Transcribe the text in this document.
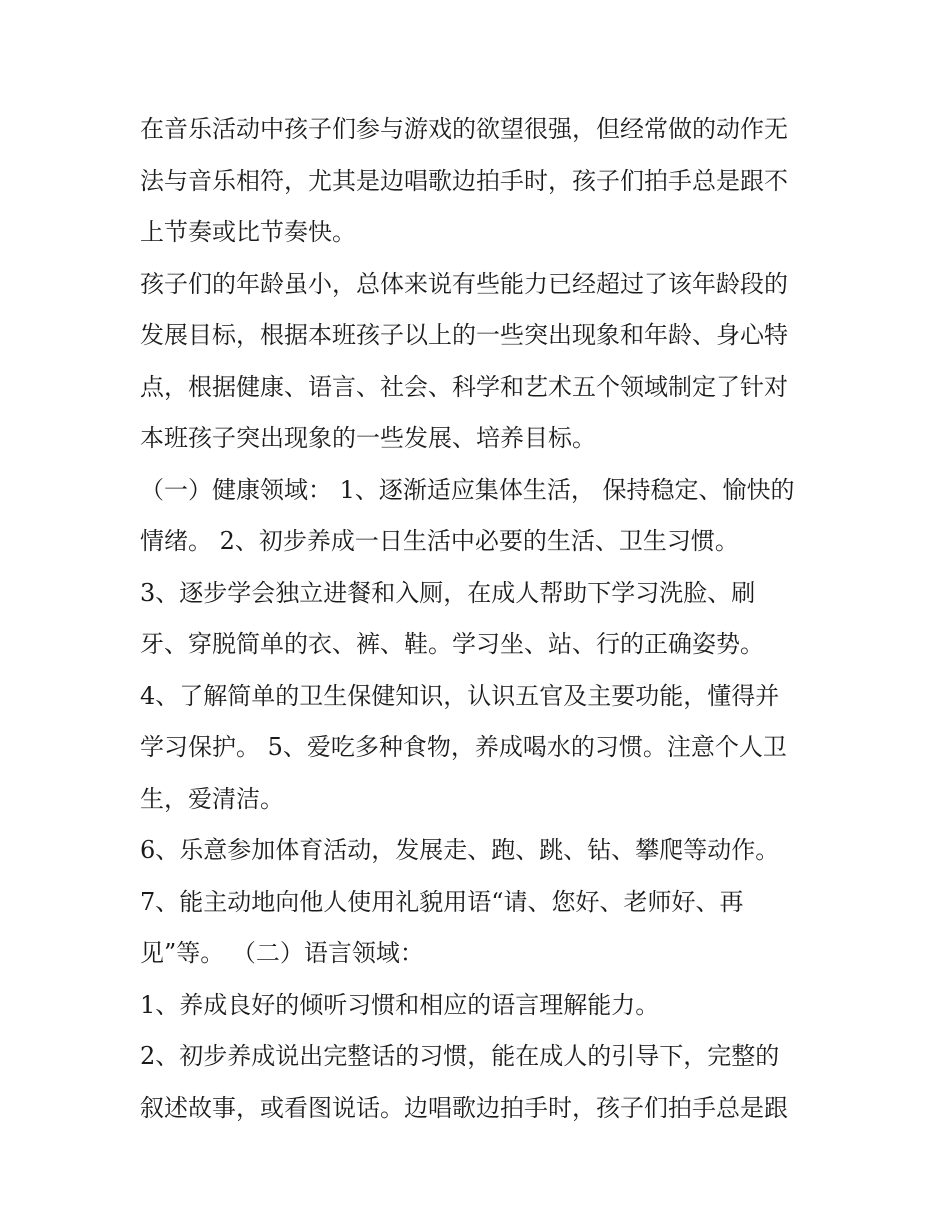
在音乐活动中孩子们参与游戏的欲望很强，但经常做的动作无
法与音乐相符，尤其是边唱歌边拍手时，孩子们拍手总是跟不
上节奏或比节奏快。
孩子们的年龄虽小，总体来说有些能力已经超过了该年龄段的
发展目标，根据本班孩子以上的一些突出现象和年龄、身心特
点，根据健康、语言、社会、科学和艺术五个领域制定了针对
本班孩子突出现象的一些发展、培养目标。
（一）健康领域： 1、逐渐适应集体生活， 保持稳定、愉快的
情绪。 2、初步养成一日生活中必要的生活、卫生习惯。
3、逐步学会独立进餐和入厕，在成人帮助下学习洗脸、刷
牙、穿脱简单的衣、裤、鞋。学习坐、站、行的正确姿势。
4、了解简单的卫生保健知识，认识五官及主要功能，懂得并
学习保护。 5、爱吃多种食物，养成喝水的习惯。注意个人卫
生，爱清洁。
6、乐意参加体育活动，发展走、跑、跳、钻、攀爬等动作。
7、能主动地向他人使用礼貌用语“请、您好、老师好、再
见”等。 （二）语言领域：
1、养成良好的倾听习惯和相应的语言理解能力。
2、初步养成说出完整话的习惯，能在成人的引导下，完整的
叙述故事，或看图说话。边唱歌边拍手时，孩子们拍手总是跟
